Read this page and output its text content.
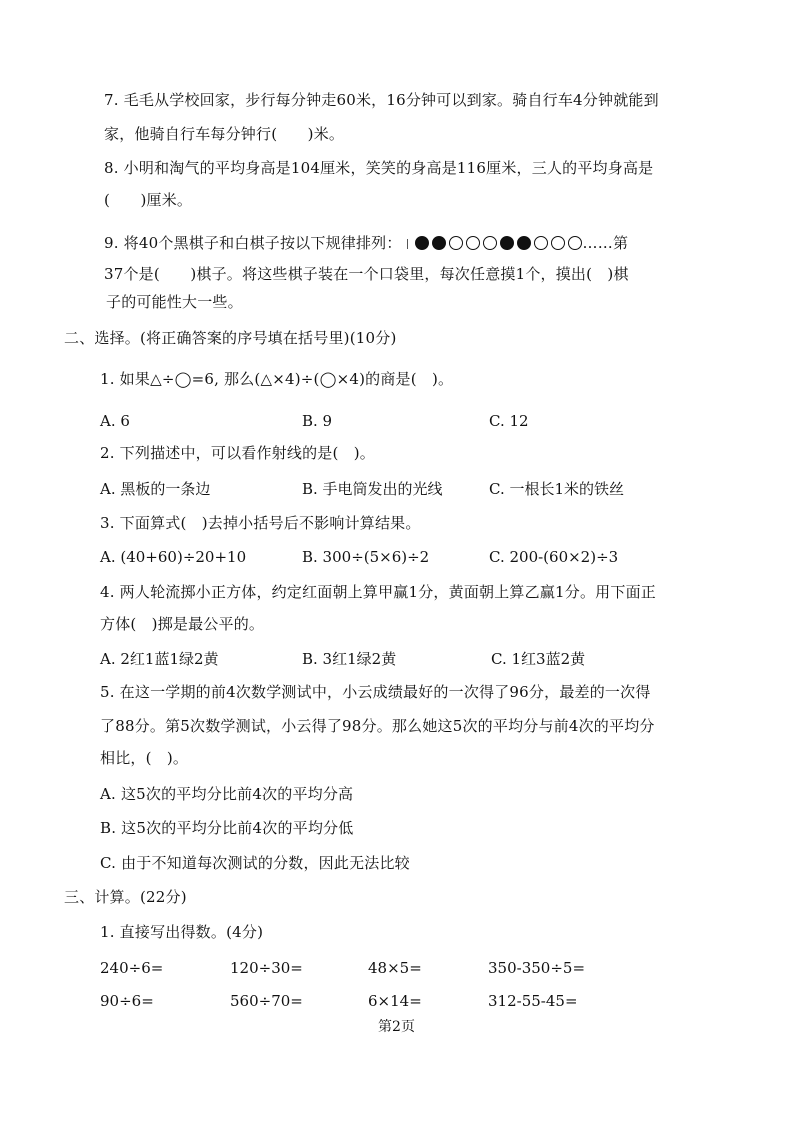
7. 毛毛从学校回家，步行每分钟走60米，16分钟可以到家。骑自行车4分钟就能到
家，他骑自行车每分钟行(　　)米。
8. 小明和淘气的平均身高是104厘米，笑笑的身高是116厘米，三人的平均身高是
(　　)厘米。
9. 将40个黑棋子和白棋子按以下规律排列：	……第
37个是(　　)棋子。将这些棋子装在一个口袋里，每次任意摸1个，摸出(　)棋
子的可能性大一些。
二、选择。(将正确答案的序号填在括号里)(10分)
1. 如果△÷◯=6, 那么(△×4)÷(◯×4)的商是(　)。
A. 6	B. 9	C. 12
2. 下列描述中，可以看作射线的是(　)。
A. 黑板的一条边	B. 手电筒发出的光线	C. 一根长1米的铁丝
3. 下面算式(　)去掉小括号后不影响计算结果。
A. (40+60)÷20+10	B. 300÷(5×6)÷2	C. 200-(60×2)÷3
4. 两人轮流掷小正方体，约定红面朝上算甲赢1分，黄面朝上算乙赢1分。用下面正
方体(　)掷是最公平的。
A. 2红1蓝1绿2黄	B. 3红1绿2黄	C. 1红3蓝2黄
5. 在这一学期的前4次数学测试中，小云成绩最好的一次得了96分，最差的一次得
了88分。第5次数学测试，小云得了98分。那么她这5次的平均分与前4次的平均分
相比，(　)。
A. 这5次的平均分比前4次的平均分高
B. 这5次的平均分比前4次的平均分低
C. 由于不知道每次测试的分数，因此无法比较
三、计算。(22分)
1. 直接写出得数。(4分)
240÷6=	120÷30=	48×5=	350-350÷5=
90÷6=	560÷70=	6×14=	312-55-45=
第2页
